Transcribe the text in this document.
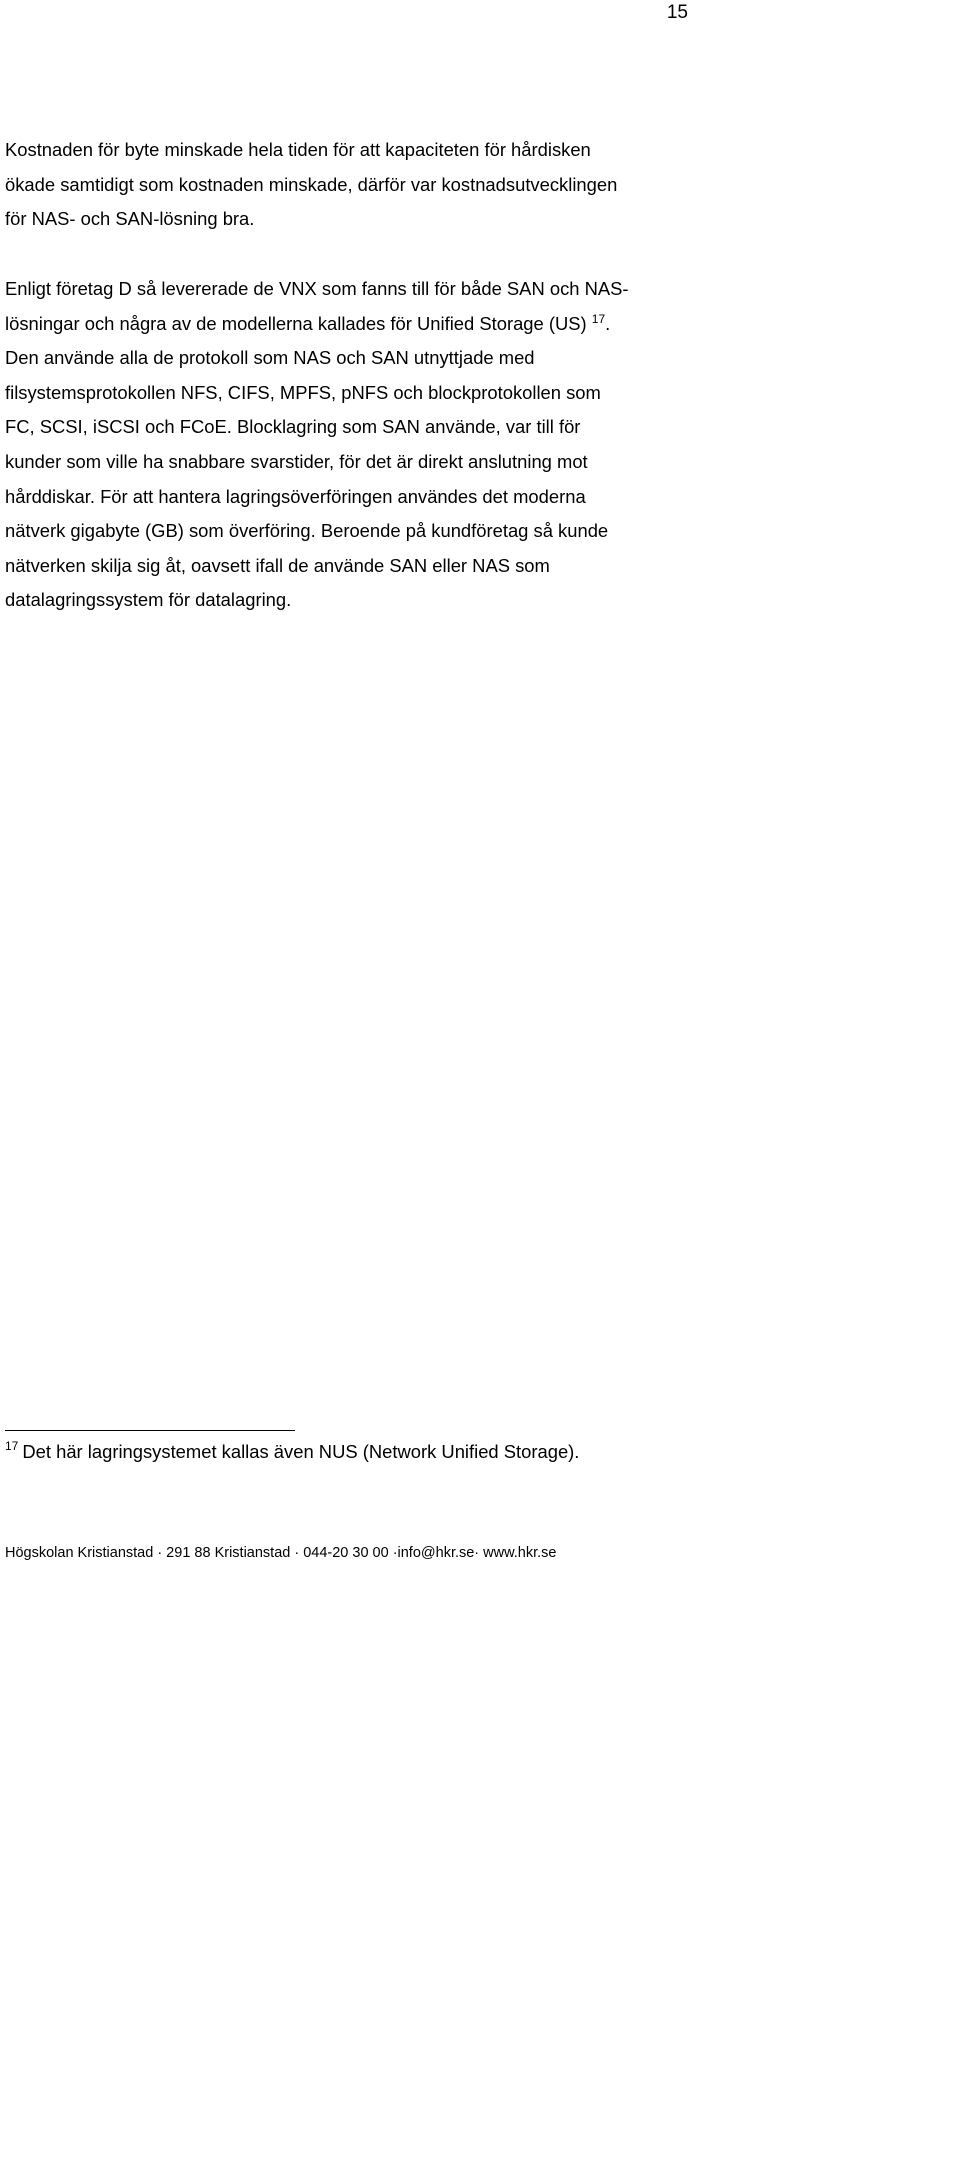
15

Kostnaden för byte minskade hela tiden för att kapaciteten för hårdisken

ökade samtidigt som kostnaden minskade, därför var kostnadsutvecklingen

för NAS- och SAN-lösning bra.

Enligt företag D så levererade de VNX som fanns till för både SAN och NAS-

lösningar och några av de modellerna kallades för Unified Storage (US) $^{17}$.

Den använde alla de protokoll som NAS och SAN utnyttjade med

filsystemsprotokollen NFS, CIFS, MPFS, pNFS och blockprotokollen som

FC, SCSI, iSCSI och FCoE. Blocklagring som SAN använde, var till för

kunder som ville ha snabbare svarstider, för det är direkt anslutning mot

hårddiskar. För att hantera lagringsöverföringen användes det moderna

nätverk gigabyte (GB) som överföring. Beroende på kundföretag så kunde

nätverken skilja sig åt, oavsett ifall de använde SAN eller NAS som

datalagringssystem för datalagring.

$^{17}$ Det här lagringsystemet kallas även NUS (Network Unified Storage).
Högskolan Kristianstad · 291 88 Kristianstad · 044-20 30 00 ·info@hkr.se· www.hkr.se
